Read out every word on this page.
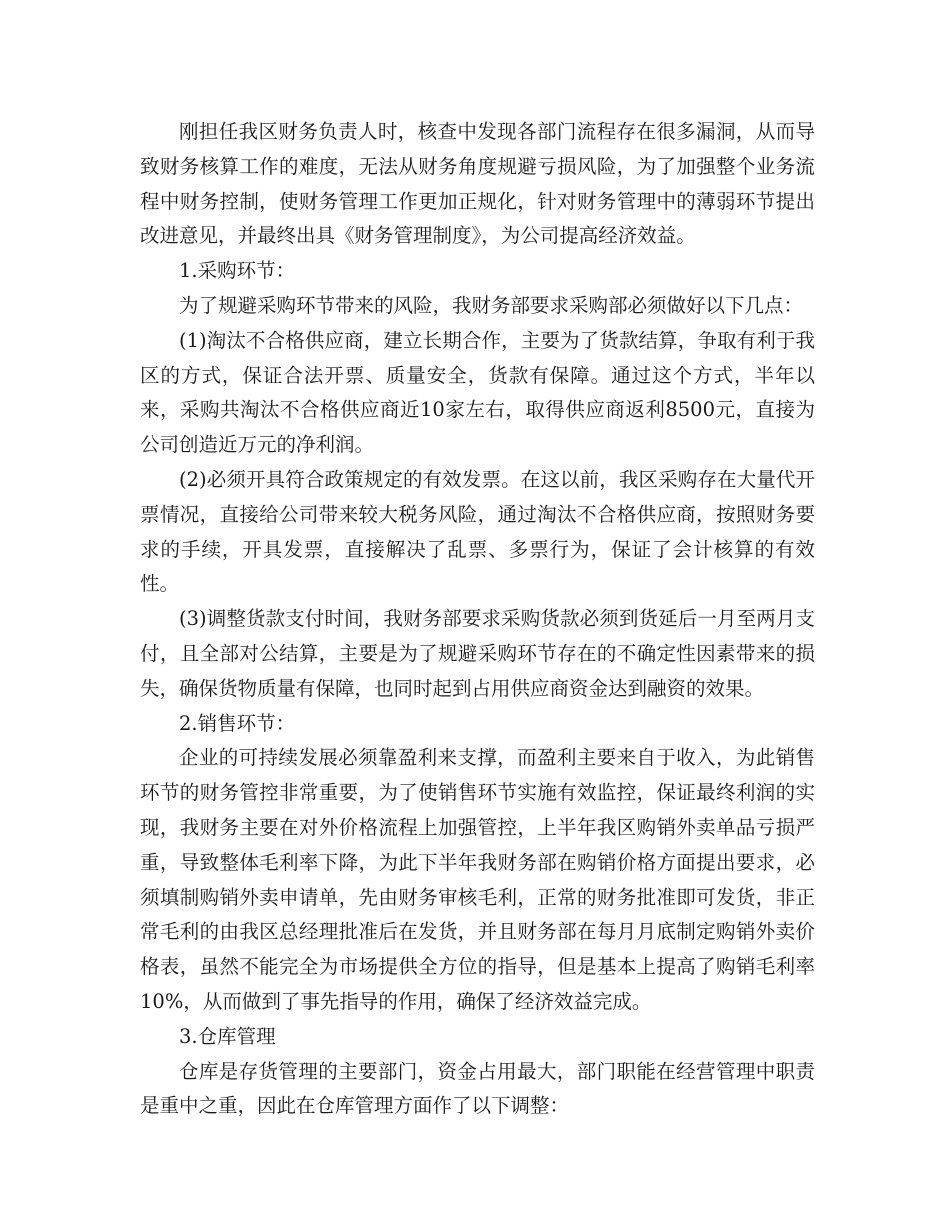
刚担任我区财务负责人时，核查中发现各部门流程存在很多漏洞，从而导致财务核算工作的难度，无法从财务角度规避亏损风险，为了加强整个业务流程中财务控制，使财务管理工作更加正规化，针对财务管理中的薄弱环节提出改进意见，并最终出具《财务管理制度》，为公司提高经济效益。

1.采购环节：

为了规避采购环节带来的风险，我财务部要求采购部必须做好以下几点：

(1)淘汰不合格供应商，建立长期合作，主要为了货款结算，争取有利于我区的方式，保证合法开票、质量安全，货款有保障。通过这个方式，半年以来，采购共淘汰不合格供应商近10家左右，取得供应商返利8500元，直接为公司创造近万元的净利润。

(2)必须开具符合政策规定的有效发票。在这以前，我区采购存在大量代开票情况，直接给公司带来较大税务风险，通过淘汰不合格供应商，按照财务要求的手续，开具发票，直接解决了乱票、多票行为，保证了会计核算的有效性。

(3)调整货款支付时间，我财务部要求采购货款必须到货延后一月至两月支付，且全部对公结算，主要是为了规避采购环节存在的不确定性因素带来的损失，确保货物质量有保障，也同时起到占用供应商资金达到融资的效果。

2.销售环节：

企业的可持续发展必须靠盈利来支撑，而盈利主要来自于收入，为此销售环节的财务管控非常重要，为了使销售环节实施有效监控，保证最终利润的实现，我财务主要在对外价格流程上加强管控，上半年我区购销外卖单品亏损严重，导致整体毛利率下降，为此下半年我财务部在购销价格方面提出要求，必须填制购销外卖申请单，先由财务审核毛利，正常的财务批准即可发货，非正常毛利的由我区总经理批准后在发货，并且财务部在每月月底制定购销外卖价格表，虽然不能完全为市场提供全方位的指导，但是基本上提高了购销毛利率10%，从而做到了事先指导的作用，确保了经济效益完成。

3.仓库管理

仓库是存货管理的主要部门，资金占用最大，部门职能在经营管理中职责是重中之重，因此在仓库管理方面作了以下调整：
